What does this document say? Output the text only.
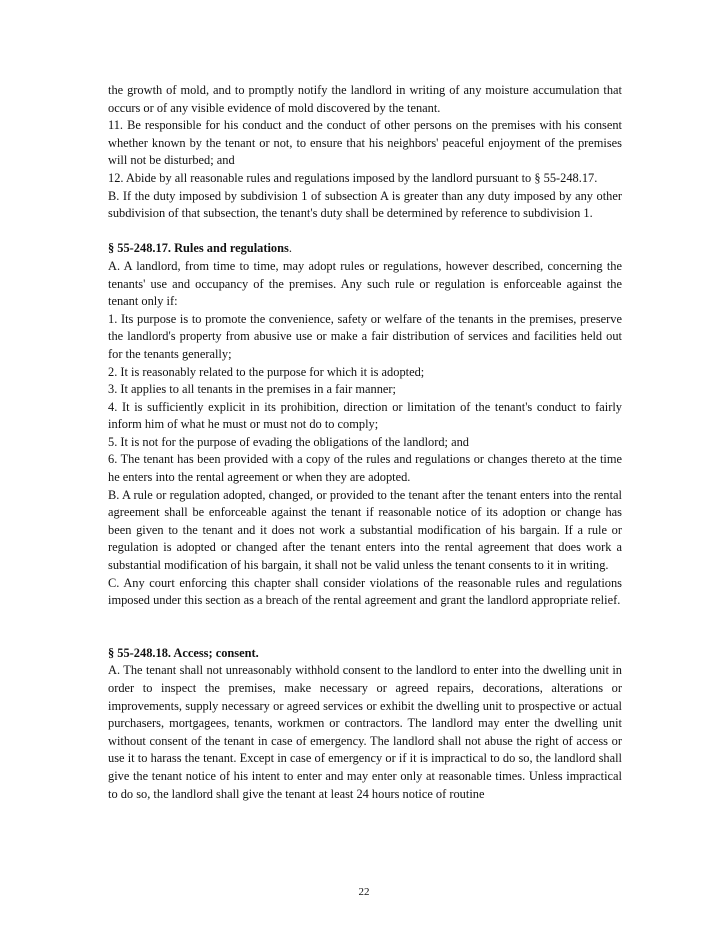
the growth of mold, and to promptly notify the landlord in writing of any moisture accumulation that occurs or of any visible evidence of mold discovered by the tenant.

11. Be responsible for his conduct and the conduct of other persons on the premises with his consent whether known by the tenant or not, to ensure that his neighbors' peaceful enjoyment of the premises will not be disturbed; and

12. Abide by all reasonable rules and regulations imposed by the landlord pursuant to § 55-248.17.

B. If the duty imposed by subdivision 1 of subsection A is greater than any duty imposed by any other subdivision of that subsection, the tenant's duty shall be determined by reference to subdivision 1.

§ 55-248.17. Rules and regulations.

A. A landlord, from time to time, may adopt rules or regulations, however described, concerning the tenants' use and occupancy of the premises. Any such rule or regulation is enforceable against the tenant only if:

1. Its purpose is to promote the convenience, safety or welfare of the tenants in the premises, preserve the landlord's property from abusive use or make a fair distribution of services and facilities held out for the tenants generally;

2. It is reasonably related to the purpose for which it is adopted;

3. It applies to all tenants in the premises in a fair manner;

4. It is sufficiently explicit in its prohibition, direction or limitation of the tenant's conduct to fairly inform him of what he must or must not do to comply;

5. It is not for the purpose of evading the obligations of the landlord; and

6. The tenant has been provided with a copy of the rules and regulations or changes thereto at the time he enters into the rental agreement or when they are adopted.

B. A rule or regulation adopted, changed, or provided to the tenant after the tenant enters into the rental agreement shall be enforceable against the tenant if reasonable notice of its adoption or change has been given to the tenant and it does not work a substantial modification of his bargain. If a rule or regulation is adopted or changed after the tenant enters into the rental agreement that does work a substantial modification of his bargain, it shall not be valid unless the tenant consents to it in writing.

C. Any court enforcing this chapter shall consider violations of the reasonable rules and regulations imposed under this section as a breach of the rental agreement and grant the landlord appropriate relief.

§ 55-248.18. Access; consent.

A. The tenant shall not unreasonably withhold consent to the landlord to enter into the dwelling unit in order to inspect the premises, make necessary or agreed repairs, decorations, alterations or improvements, supply necessary or agreed services or exhibit the dwelling unit to prospective or actual purchasers, mortgagees, tenants, workmen or contractors. The landlord may enter the dwelling unit without consent of the tenant in case of emergency. The landlord shall not abuse the right of access or use it to harass the tenant. Except in case of emergency or if it is impractical to do so, the landlord shall give the tenant notice of his intent to enter and may enter only at reasonable times. Unless impractical to do so, the landlord shall give the tenant at least 24 hours notice of routine

22
